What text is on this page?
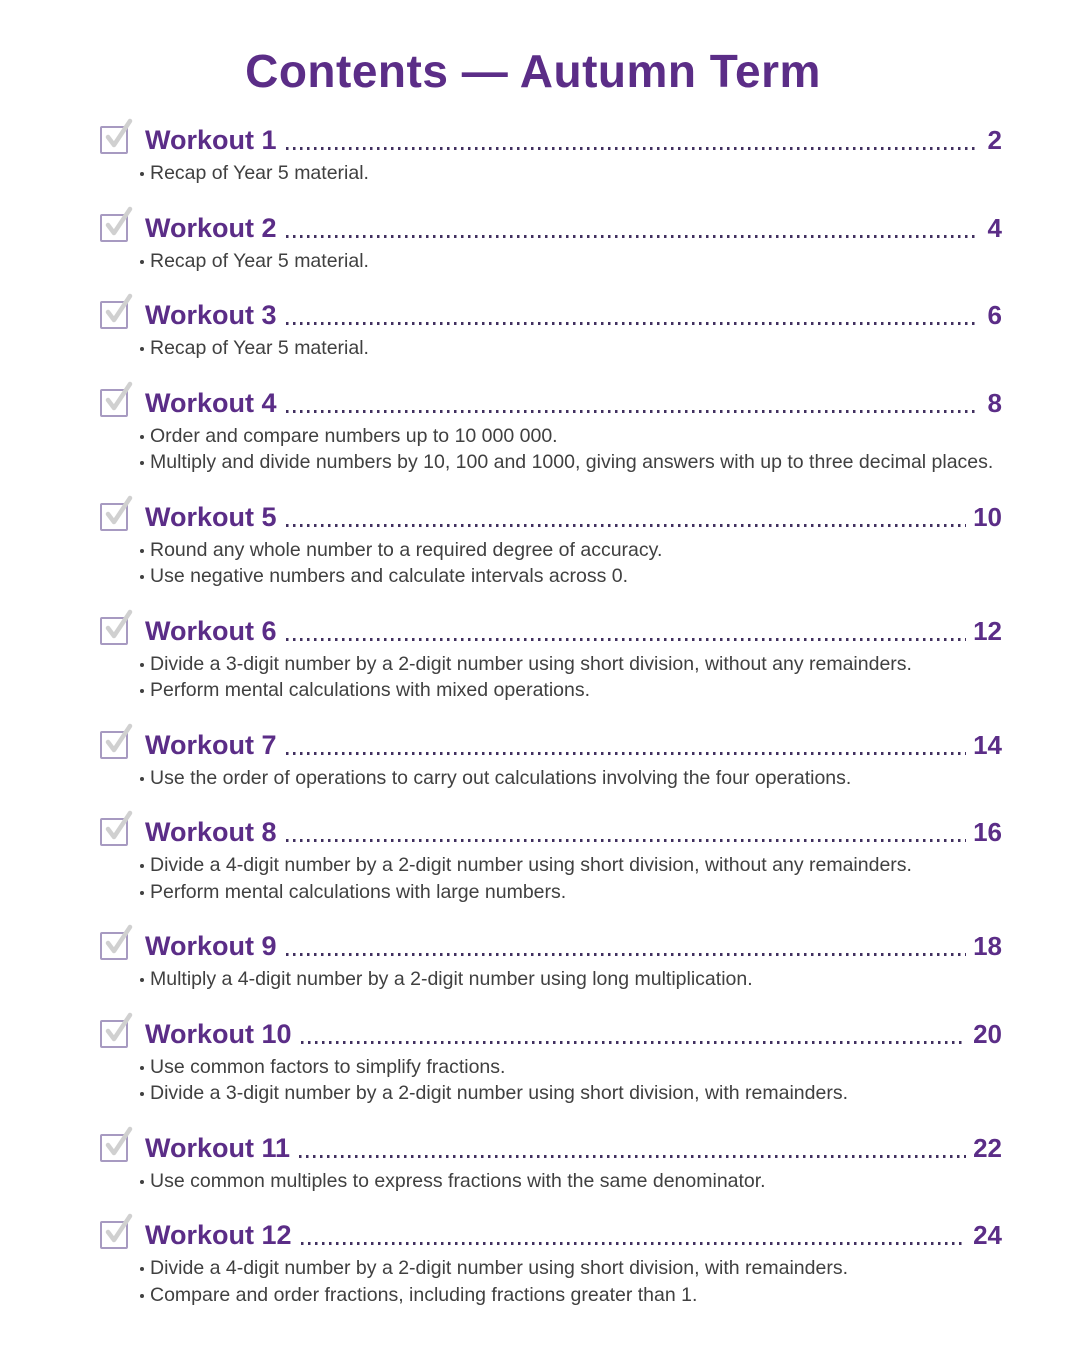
Contents — Autumn Term
Workout 1	2
Recap of Year 5 material.
Workout 2	4
Recap of Year 5 material.
Workout 3	6
Recap of Year 5 material.
Workout 4	8
Order and compare numbers up to 10 000 000.
Multiply and divide numbers by 10, 100 and 1000, giving answers with up to three decimal places.
Workout 5	10
Round any whole number to a required degree of accuracy.
Use negative numbers and calculate intervals across 0.
Workout 6	12
Divide a 3-digit number by a 2-digit number using short division, without any remainders.
Perform mental calculations with mixed operations.
Workout 7	14
Use the order of operations to carry out calculations involving the four operations.
Workout 8	16
Divide a 4-digit number by a 2-digit number using short division, without any remainders.
Perform mental calculations with large numbers.
Workout 9	18
Multiply a 4-digit number by a 2-digit number using long multiplication.
Workout 10	20
Use common factors to simplify fractions.
Divide a 3-digit number by a 2-digit number using short division, with remainders.
Workout 11	22
Use common multiples to express fractions with the same denominator.
Workout 12	24
Divide a 4-digit number by a 2-digit number using short division, with remainders.
Compare and order fractions, including fractions greater than 1.
